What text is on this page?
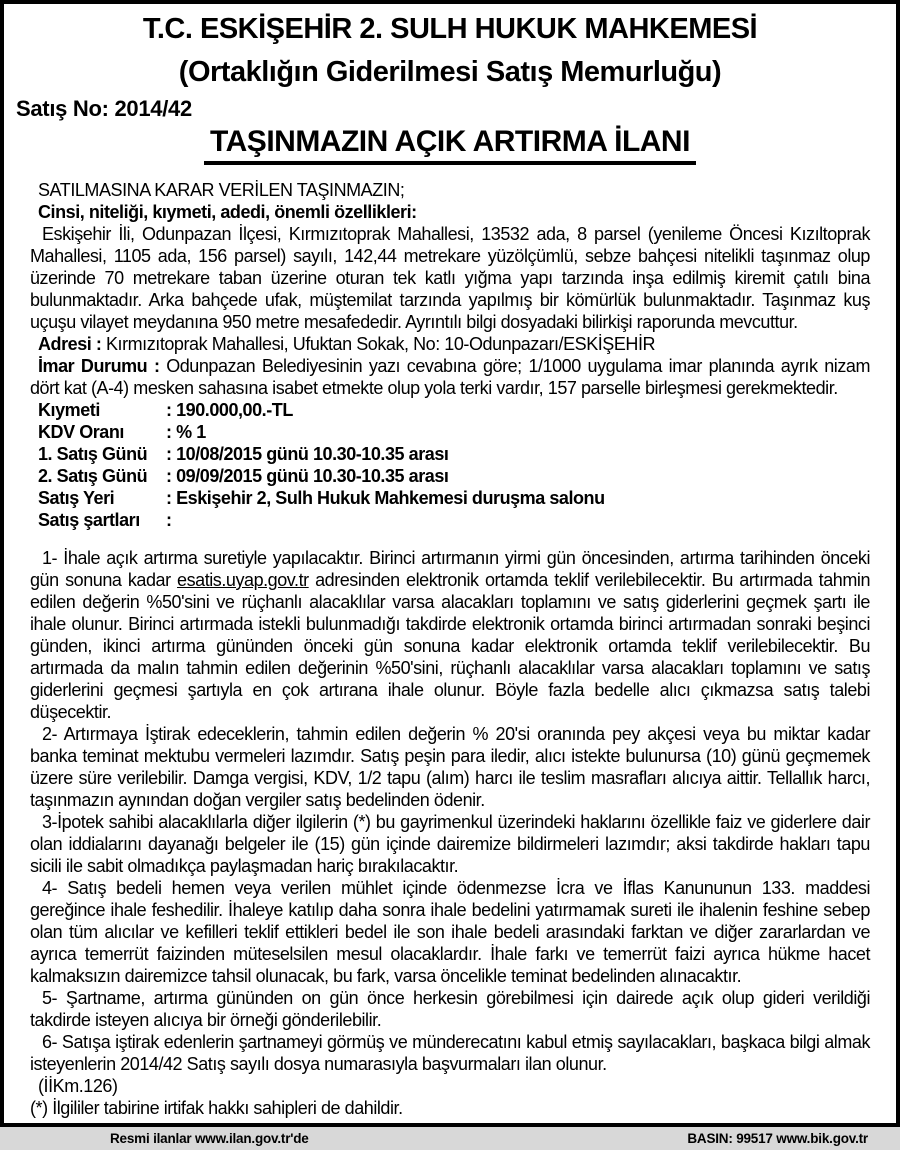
T.C. ESKİŞEHİR 2. SULH HUKUK MAHKEMESİ
(Ortaklığın Giderilmesi Satış Memurluğu)
Satış No: 2014/42
TAŞINMAZIN AÇIK ARTIRMA İLANI
SATILMASINA KARAR VERİLEN TAŞINMAZIN;
Cinsi, niteliği, kıymeti, adedi, önemli özellikleri:
Eskişehir İli, Odunpazan İlçesi, Kırmızıtoprak Mahallesi, 13532 ada, 8 parsel (yenileme Öncesi Kızıltoprak Mahallesi, 1105 ada, 156 parsel) sayılı, 142,44 metrekare yüzölçümlü, sebze bahçesi nitelikli taşınmaz olup üzerinde 70 metrekare taban üzerine oturan tek katlı yığma yapı tarzında inşa edilmiş kiremit çatılı bina bulunmaktadır. Arka bahçede ufak, müştemilat tarzında yapılmış bir kömürlük bulunmaktadır. Taşınmaz kuş uçuşu vilayet meydanına 950 metre mesafededir. Ayrıntılı bilgi dosyadaki bilirkişi raporunda mevcuttur.
Adresi : Kırmızıtoprak Mahallesi, Ufuktan Sokak, No: 10-Odunpazarı/ESKİŞEHİR
İmar Durumu : Odunpazan Belediyesinin yazı cevabına göre; 1/1000 uygulama imar planında ayrık nizam dört kat (A-4) mesken sahasına isabet etmekte olup yola terki vardır, 157 parselle birleşmesi gerekmektedir.
Kıymeti	: 190.000,00.-TL
KDV Oranı	: % 1
1. Satış Günü	: 10/08/2015 günü 10.30-10.35 arası
2. Satış Günü	: 09/09/2015 günü 10.30-10.35 arası
Satış Yeri	: Eskişehir 2, Sulh Hukuk Mahkemesi duruşma salonu
Satış şartları	:
1- İhale açık artırma suretiyle yapılacaktır. Birinci artırmanın yirmi gün öncesinden, artırma tarihinden önceki gün sonuna kadar esatis.uyap.gov.tr adresinden elektronik ortamda teklif verilebilecektir. Bu artırmada tahmin edilen değerin %50'sini ve rüçhanlı alacaklılar varsa alacakları toplamını ve satış giderlerini geçmek şartı ile ihale olunur. Birinci artırmada istekli bulunmadığı takdirde elektronik ortamda birinci artırmadan sonraki beşinci günden, ikinci artırma gününden önceki gün sonuna kadar elektronik ortamda teklif verilebilecektir. Bu artırmada da malın tahmin edilen değerinin %50'sini, rüçhanlı alacaklılar varsa alacakları toplamını ve satış giderlerini geçmesi şartıyla en çok artırana ihale olunur. Böyle fazla bedelle alıcı çıkmazsa satış talebi düşecektir.
2- Artırmaya İştirak edeceklerin, tahmin edilen değerin % 20'si oranında pey akçesi veya bu miktar kadar banka teminat mektubu vermeleri lazımdır. Satış peşin para iledir, alıcı istekte bulunursa (10) günü geçmemek üzere süre verilebilir. Damga vergisi, KDV, 1/2 tapu (alım) harcı ile teslim masrafları alıcıya aittir. Tellallık harcı, taşınmazın aynından doğan vergiler satış bedelinden ödenir.
3-İpotek sahibi alacaklılarla diğer ilgilerin (*) bu gayrimenkul üzerindeki haklarını özellikle faiz ve giderlere dair olan iddialarını dayanağı belgeler ile (15) gün içinde dairemize bildirmeleri lazımdır; aksi takdirde hakları tapu sicili ile sabit olmadıkça paylaşmadan hariç bırakılacaktır.
4- Satış bedeli hemen veya verilen mühlet içinde ödenmezse İcra ve İflas Kanununun 133. maddesi gereğince ihale feshedilir. İhaleye katılıp daha sonra ihale bedelini yatırmamak sureti ile ihalenin feshine sebep olan tüm alıcılar ve kefilleri teklif ettikleri bedel ile son ihale bedeli arasındaki farktan ve diğer zararlardan ve ayrıca temerrüt faizinden müteselsilen mesul olacaklardır. İhale farkı ve temerrüt faizi ayrıca hükme hacet kalmaksızın dairemizce tahsil olunacak, bu fark, varsa öncelikle teminat bedelinden alınacaktır.
5- Şartname, artırma gününden on gün önce herkesin görebilmesi için dairede açık olup gideri verildiği takdirde isteyen alıcıya bir örneği gönderilebilir.
6- Satışa iştirak edenlerin şartnameyi görmüş ve münderecatını kabul etmiş sayılacakları, başkaca bilgi almak isteyenlerin 2014/42 Satış sayılı dosya numarasıyla başvurmaları ilan olunur.
(İİKm.126)
(*) İlgililer tabirine irtifak hakkı sahipleri de dahildir.
Resmi ilanlar www.ilan.gov.tr'de	BASIN: 99517 www.bik.gov.tr
